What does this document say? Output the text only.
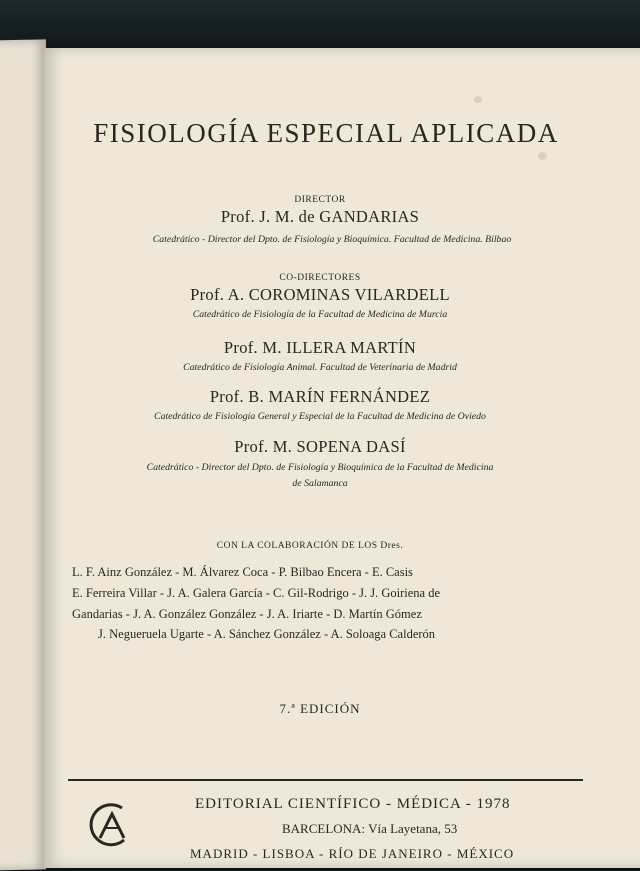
FISIOLOGÍA ESPECIAL APLICADA
DIRECTOR
Prof. J. M. de GANDARIAS
Catedrático - Director del Dpto. de Fisiología y Bioquímica. Facultad de Medicina. Bilbao
CO-DIRECTORES
Prof. A. COROMINAS VILARDELL
Catedrático de Fisiología de la Facultad de Medicina de Murcia
Prof. M. ILLERA MARTÍN
Catedrático de Fisiología Animal. Facultad de Veterinaria de Madrid
Prof. B. MARÍN FERNÁNDEZ
Catedrático de Fisiología General y Especial de la Facultad de Medicina de Oviedo
Prof. M. SOPENA DASÍ
Catedrático - Director del Dpto. de Fisiología y Bioquímica de la Facultad de Medicina
de Salamanca
CON LA COLABORACIÓN DE LOS Dres.
L. F. Ainz González - M. Álvarez Coca - P. Bilbao Encera - E. Casis
E. Ferreira Villar - J. A. Galera García - C. Gil-Rodrigo - J. J. Goiriena de
Gandarias - J. A. González González - J. A. Iriarte - D. Martín Gómez
J. Negueruela Ugarte - A. Sánchez González - A. Soloaga Calderón
7.ª EDICIÓN
EDITORIAL CIENTÍFICO - MÉDICA - 1978
BARCELONA: Vía Layetana, 53
MADRID - LISBOA - RÍO DE JANEIRO - MÉXICO
